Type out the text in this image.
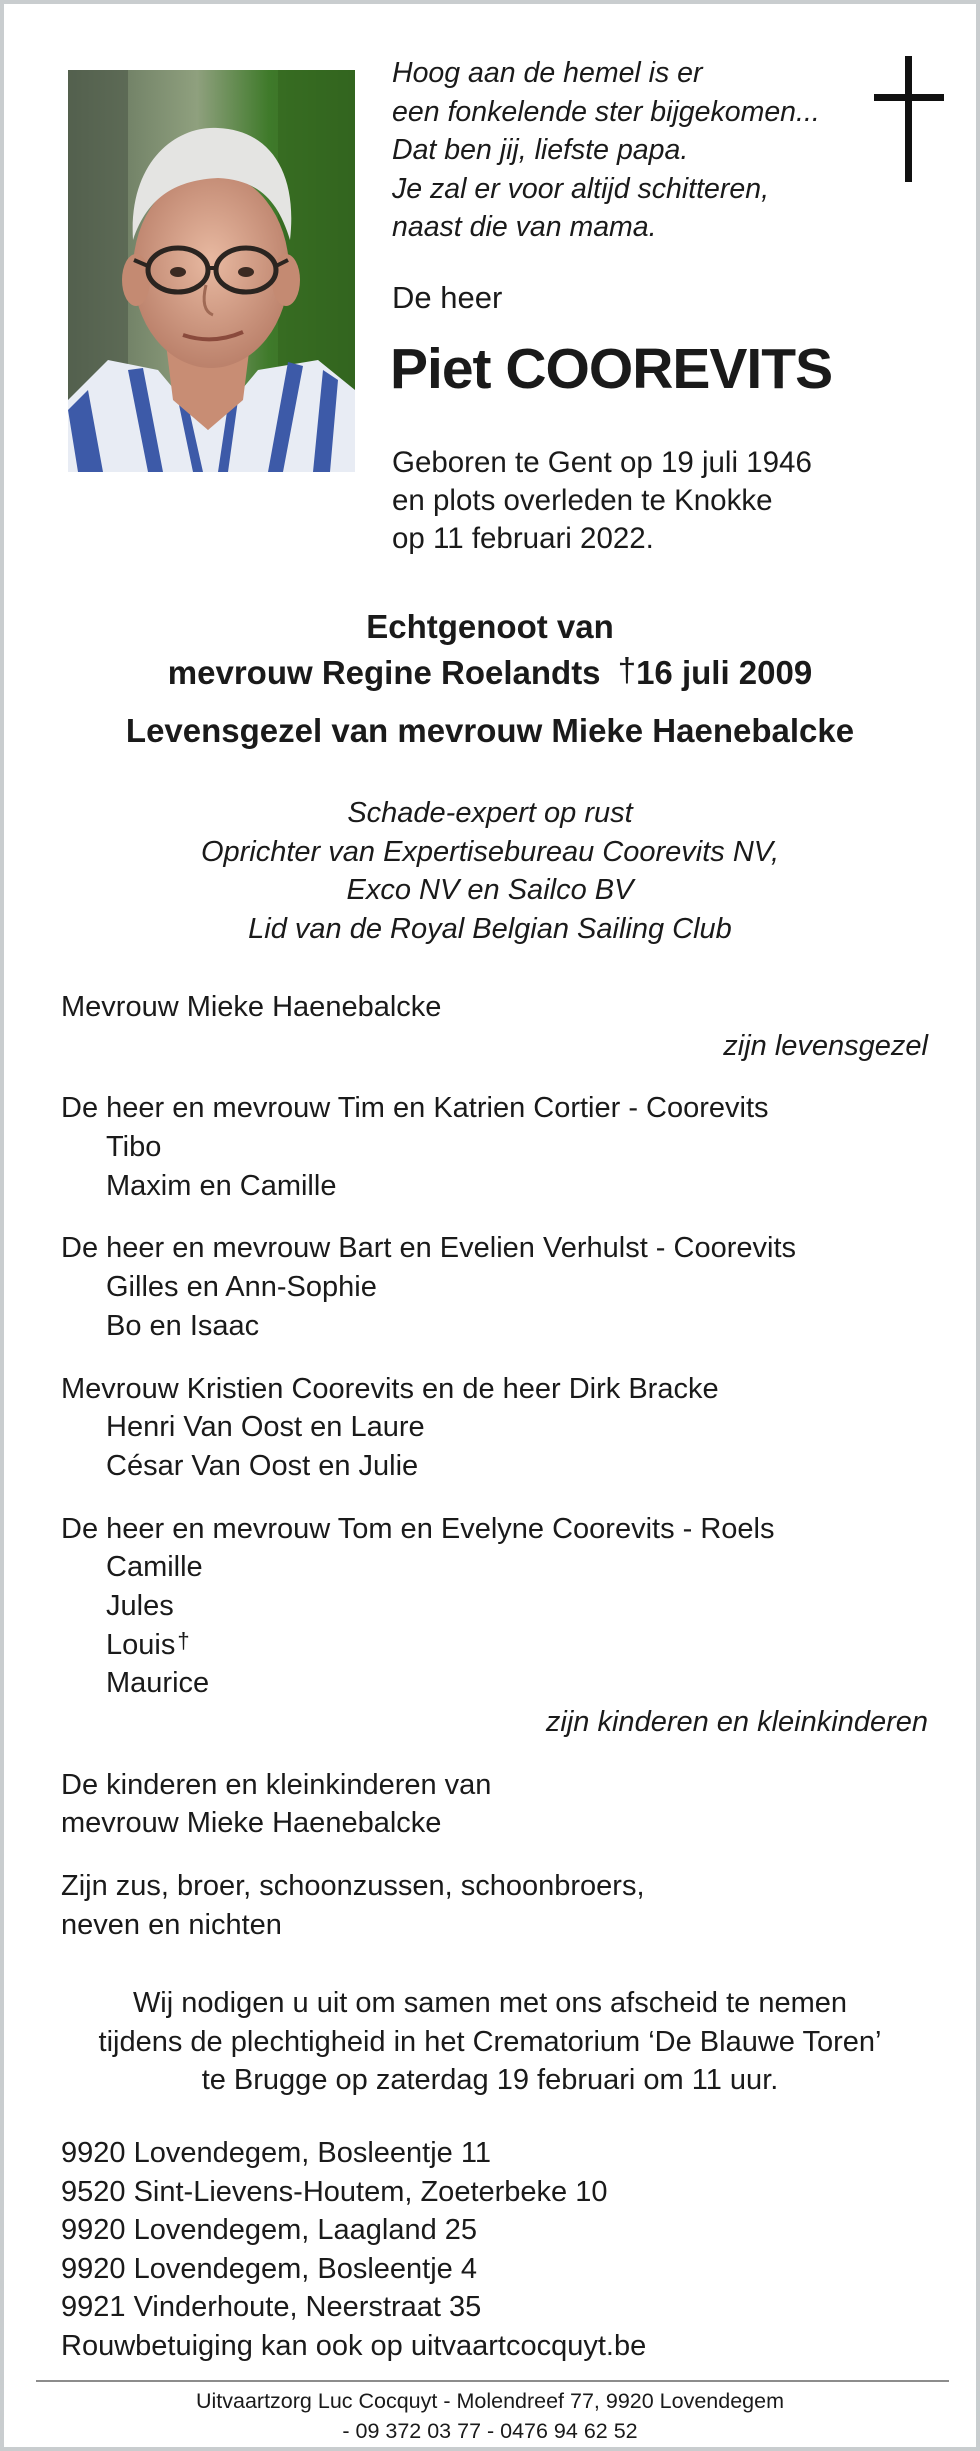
Hoog aan de hemel is er
een fonkelende ster bijgekomen...
Dat ben jij, liefste papa.
Je zal er voor altijd schitteren,
naast die van mama.
De heer
Piet COOREVITS
Geboren te Gent op 19 juli 1946
en plots overleden te Knokke
op 11 februari 2022.
Echtgenoot van
mevrouw Regine Roelandts †16 juli 2009
Levensgezel van mevrouw Mieke Haenebalcke
Schade-expert op rust
Oprichter van Expertisebureau Coorevits NV,
Exco NV en Sailco BV
Lid van de Royal Belgian Sailing Club
Mevrouw Mieke Haenebalcke
zijn levensgezel
De heer en mevrouw Tim en Katrien Cortier - Coorevits
Tibo
Maxim en Camille
De heer en mevrouw Bart en Evelien Verhulst - Coorevits
Gilles en Ann-Sophie
Bo en Isaac
Mevrouw Kristien Coorevits en de heer Dirk Bracke
Henri Van Oost en Laure
César Van Oost en Julie
De heer en mevrouw Tom en Evelyne Coorevits - Roels
Camille
Jules
Louis†
Maurice
zijn kinderen en kleinkinderen
De kinderen en kleinkinderen van
mevrouw Mieke Haenebalcke
Zijn zus, broer, schoonzussen, schoonbroers,
neven en nichten
Wij nodigen u uit om samen met ons afscheid te nemen
tijdens de plechtigheid in het Crematorium ‘De Blauwe Toren’
te Brugge op zaterdag 19 februari om 11 uur.
9920 Lovendegem, Bosleentje 11
9520 Sint-Lievens-Houtem, Zoeterbeke 10
9920 Lovendegem, Laagland 25
9920 Lovendegem, Bosleentje 4
9921 Vinderhoute, Neerstraat 35
Rouwbetuiging kan ook op uitvaartcocquyt.be
Uitvaartzorg Luc Cocquyt - Molendreef 77, 9920 Lovendegem
- 09 372 03 77 - 0476 94 62 52
